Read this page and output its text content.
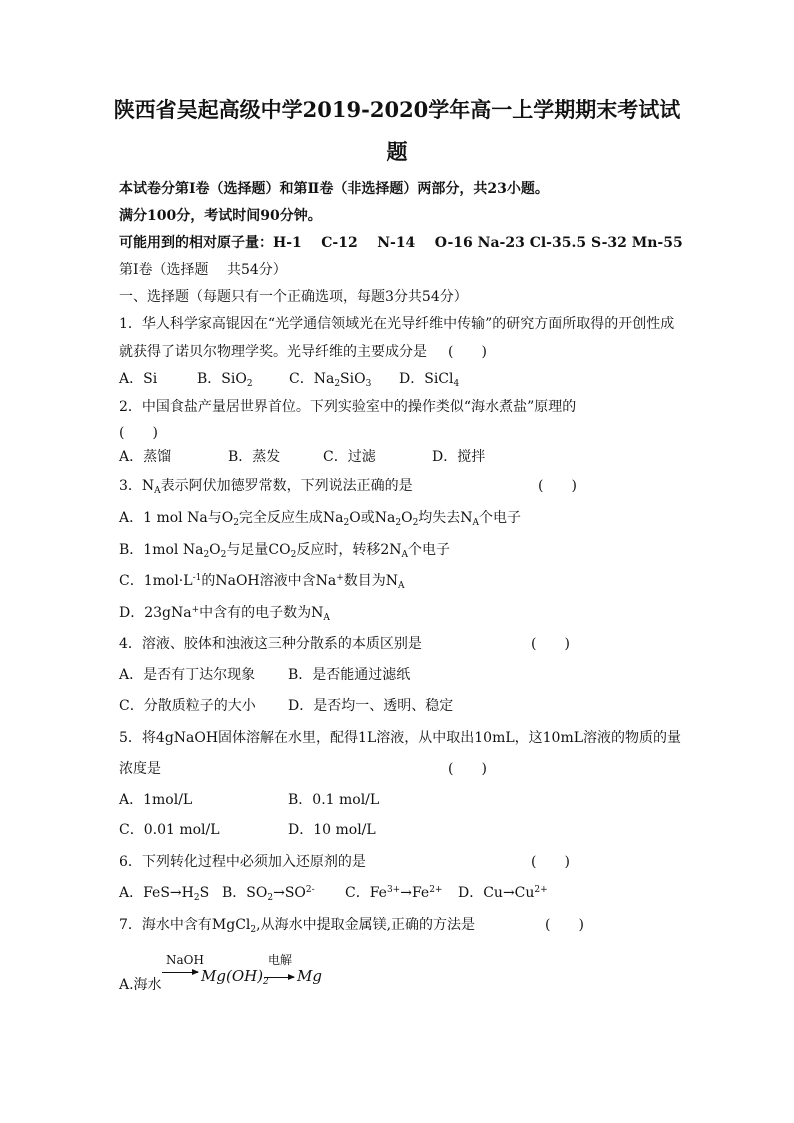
陕西省吴起高级中学2019-2020学年高一上学期期末考试试
题
本试卷分第Ⅰ卷（选择题）和第Ⅱ卷（非选择题）两部分，共23小题。
满分100分，考试时间90分钟。
可能用到的相对原子量：H-1    C-12    N-14    O-16 Na-23 Cl-35.5 S-32 Mn-55
第Ⅰ卷（选择题　 共54分）
一、选择题（每题只有一个正确选项，每题3分共54分）
1．华人科学家高锟因在“光学通信领域光在光导纤维中传输”的研究方面所取得的开创性成
就获得了诺贝尔物理学奖。光导纤维的主要成分是 (　　)
A．Si	B．SiO$_2$	C．$Na_2SiO_3$ D．SiCl$_4$
2．中国食盐产量居世界首位。下列实验室中的操作类似“海水煮盐”原理的
(　　)
A．蒸馏	B．蒸发	C．过滤	D．搅拌
3．$N_A$表示阿伏加德罗常数，下列说法正确的是	(　　)
A．1 mol Na与$O_2$完全反应生成$Na_2O$或$Na_2O_2$均失去$N_A$个电子
B．1mol $Na_2O_2$与足量$CO_2$反应时，转移$2N_A$个电子
C．$1mol\cdot L^{-1}$的NaOH溶液中含Na+数目为$N_A$
D．23gNa+中含有的电子数为$N_A$
4．溶液、胶体和浊液这三种分散系的本质区别是	(　　)
A．是否有丁达尔现象 B．是否能通过滤纸
C．分散质粒子的大小 D．是否均一、透明、稳定
5．将4gNaOH固体溶解在水里，配得1L溶液，从中取出10mL，这10mL溶液的物质的量
浓度是	(　　)
A．1mol/L	B．0.1 mol/L
C．0.01 mol/L	D．10 mol/L
6．下列转化过程中必须加入还原剂的是	(　　)
A．$FeS\to H_2S$ B．$SO_2\to SO^{2-}$ C．$Fe^{3+}\to Fe^{2+}$ D．$Cu\to Cu^{2+}$
7．海水中含有MgCl$_2$,从海水中提取金属镁,正确的方法是	(　　)
A.海水
NaOH
$Mg(OH)_2$
电解
Mg
